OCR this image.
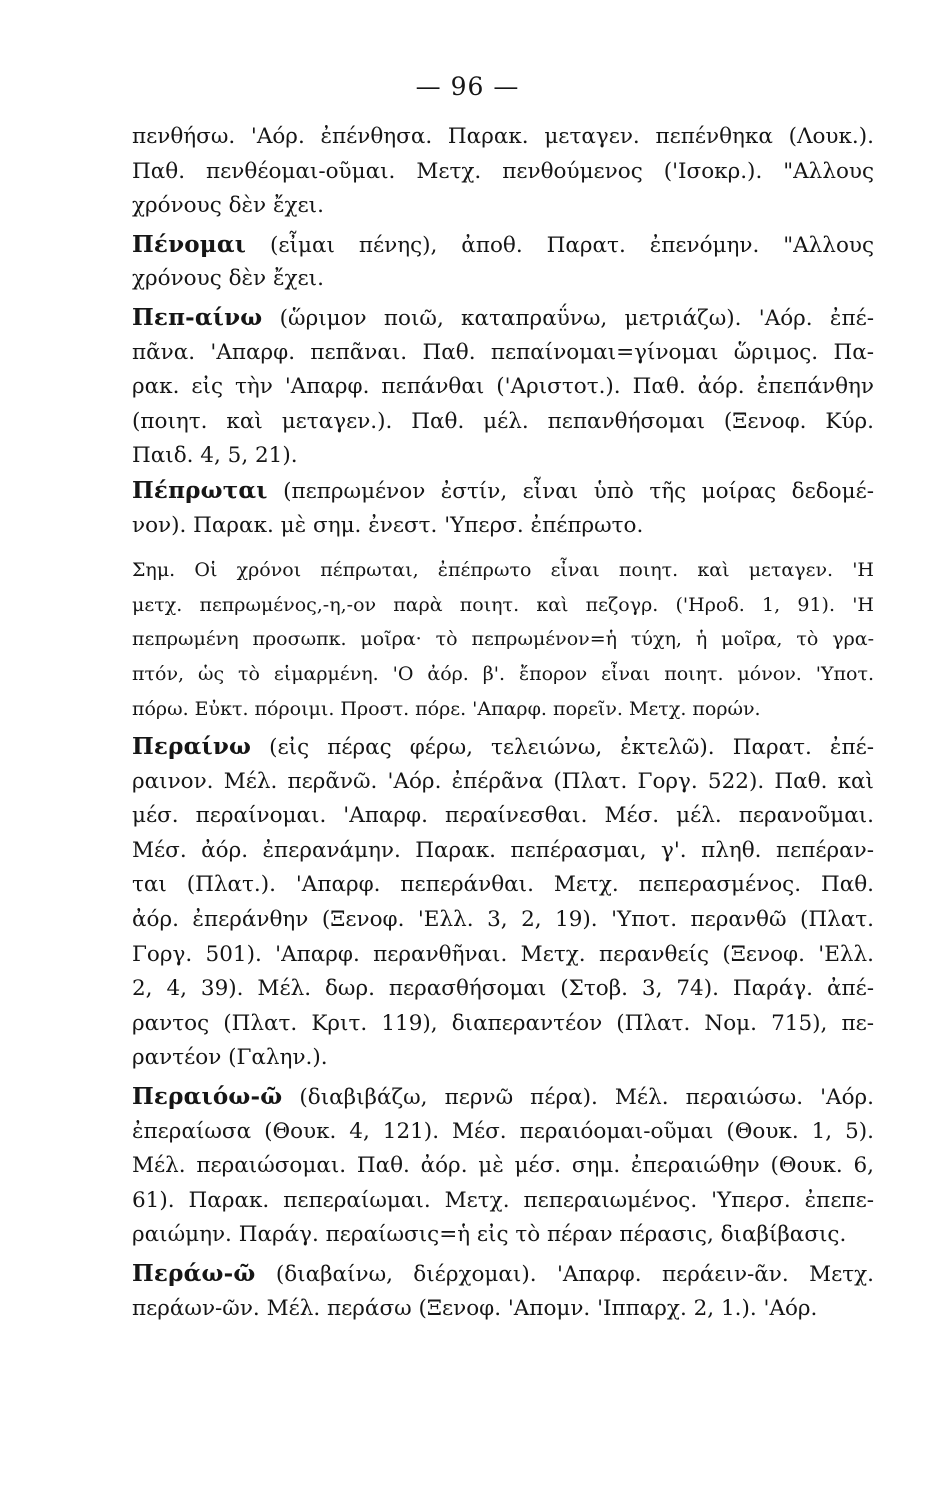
— 96 —
πενθήσω. 'Αόρ. ἐπένθησα. Παρακ. μεταγεν. πεπένθηκα (Λουκ.).
Παθ. πενθέομαι-οῦμαι. Μετχ. πενθούμενος ('Ισοκρ.). "Αλλους
χρόνους δὲν ἔχει.
Πένομαι (εἶμαι πένης), ἀποθ. Παρατ. ἐπενόμην. "Αλλους
χρόνους δὲν ἔχει.
Πεπ-αίνω (ὥριμον ποιῶ, καταπραΰνω, μετριάζω). 'Αόρ. ἐπέ-
πᾶνα. 'Απαρφ. πεπᾶναι. Παθ. πεπαίνομαι=γίνομαι ὥριμος. Πα-
ρακ. εἰς τὴν 'Απαρφ. πεπάνθαι ('Αριστοτ.). Παθ. ἀόρ. ἐπεπάνθην
(ποιητ. καὶ μεταγεν.). Παθ. μέλ. πεπανθήσομαι (Ξενοφ. Κύρ.
Παιδ. 4, 5, 21).
Πέπρωται (πεπρωμένον ἐστίν, εἶναι ὑπὸ τῆς μοίρας δεδομέ-
νον). Παρακ. μὲ σημ. ἐνεστ. 'Υπερσ. ἐπέπρωτο.
Σημ. Οἱ χρόνοι πέπρωται, ἐπέπρωτο εἶναι ποιητ. καὶ μεταγεν. 'Η
μετχ. πεπρωμένος,-η,-ον παρὰ ποιητ. καὶ πεζογρ. ('Ηροδ. 1, 91). 'Η
πεπρωμένη προσωπκ. μοῖρα· τὸ πεπρωμένον=ἡ τύχη, ἡ μοῖρα, τὸ γρα-
πτόν, ὡς τὸ εἱμαρμένη. 'Ο ἀόρ. β'. ἔπορον εἶναι ποιητ. μόνον. 'Υποτ.
πόρω. Εὐκτ. πόροιμι. Προστ. πόρε. 'Απαρφ. πορεῖν. Μετχ. πορών.
Περαίνω (εἰς πέρας φέρω, τελειώνω, ἐκτελῶ). Παρατ. ἐπέ-
ραινον. Μέλ. περᾶνῶ. 'Αόρ. ἐπέρᾶνα (Πλατ. Γοργ. 522). Παθ. καὶ
μέσ. περαίνομαι. 'Απαρφ. περαίνεσθαι. Μέσ. μέλ. περανοῦμαι.
Μέσ. ἀόρ. ἐπερανάμην. Παρακ. πεπέρασμαι, γ'. πληθ. πεπέραν-
ται (Πλατ.). 'Απαρφ. πεπεράνθαι. Μετχ. πεπερασμένος. Παθ.
ἀόρ. ἐπεράνθην (Ξενοφ. 'Ελλ. 3, 2, 19). 'Υποτ. περανθῶ (Πλατ.
Γοργ. 501). 'Απαρφ. περανθῆναι. Μετχ. περανθείς (Ξενοφ. 'Ελλ.
2, 4, 39). Μέλ. δωρ. περασθήσομαι (Στοβ. 3, 74). Παράγ. ἀπέ-
ραντος (Πλατ. Κριτ. 119), διαπεραντέον (Πλατ. Νομ. 715), πε-
ραντέον (Γαλην.).
Περαιόω-ῶ (διαβιβάζω, περνῶ πέρα). Μέλ. περαιώσω. 'Αόρ.
ἐπεραίωσα (Θουκ. 4, 121). Μέσ. περαιόομαι-οῦμαι (Θουκ. 1, 5).
Μέλ. περαιώσομαι. Παθ. ἀόρ. μὲ μέσ. σημ. ἐπεραιώθην (Θουκ. 6,
61). Παρακ. πεπεραίωμαι. Μετχ. πεπεραιωμένος. 'Υπερσ. ἐπεπε-
ραιώμην. Παράγ. περαίωσις=ἡ εἰς τὸ πέραν πέρασις, διαβίβασις.
Περάω-ῶ (διαβαίνω, διέρχομαι). 'Απαρφ. περάειν-ᾶν. Μετχ.
περάων-ῶν. Μέλ. περάσω (Ξενοφ. 'Απομν. 'Ιππαρχ. 2, 1.). 'Αόρ.
